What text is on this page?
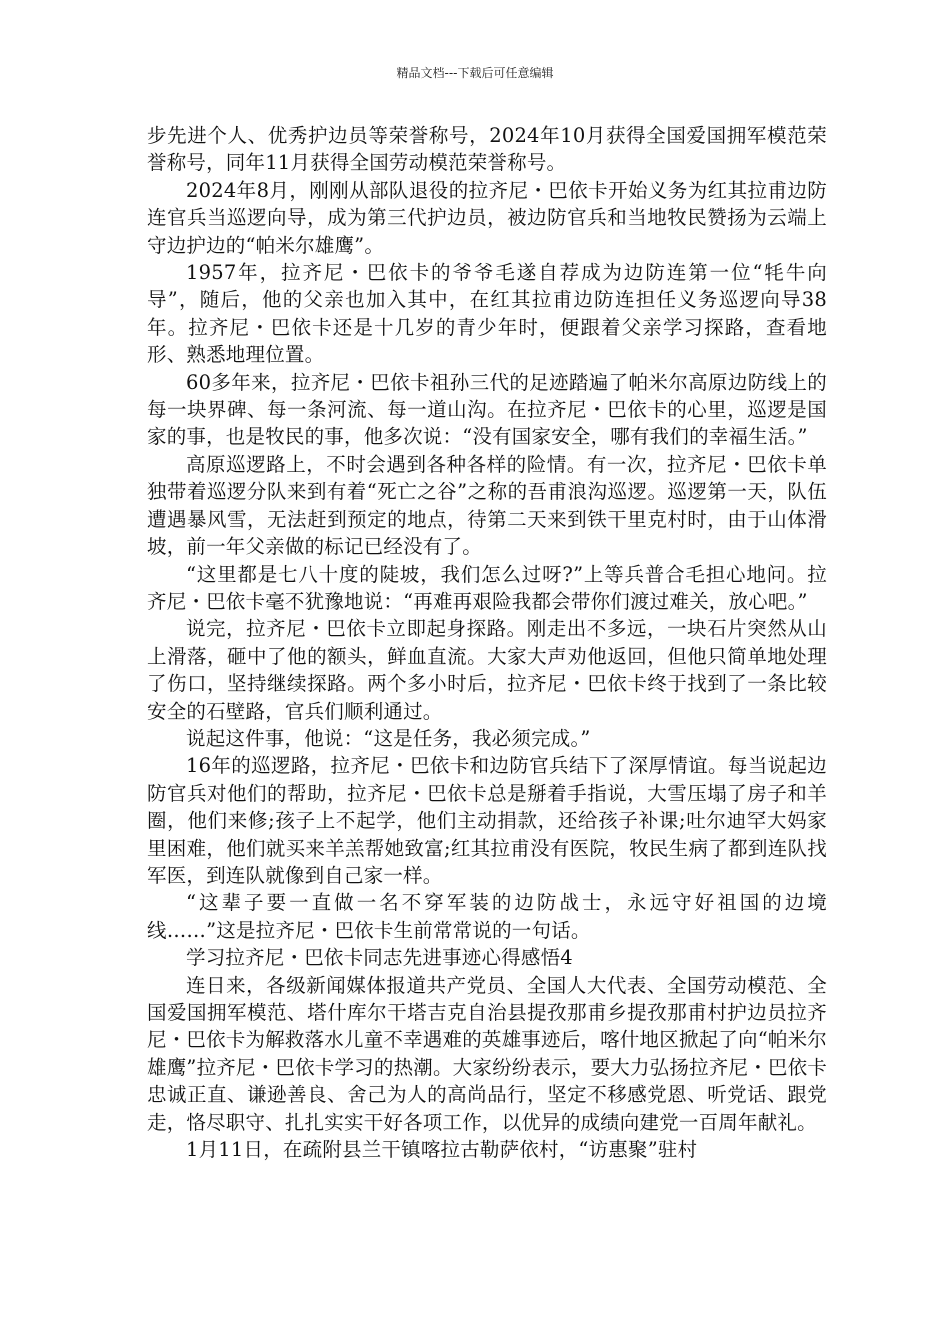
精品文档---下载后可任意编辑

步先进个人、优秀护边员等荣誉称号，2024年10月获得全国爱国拥军模范荣誉称号，同年11月获得全国劳动模范荣誉称号。

2024年8月，刚刚从部队退役的拉齐尼・巴依卡开始义务为红其拉甫边防连官兵当巡逻向导，成为第三代护边员，被边防官兵和当地牧民赞扬为云端上守边护边的“帕米尔雄鹰”。

1957年，拉齐尼・巴依卡的爷爷毛遂自荐成为边防连第一位“牦牛向导”，随后，他的父亲也加入其中，在红其拉甫边防连担任义务巡逻向导38年。拉齐尼・巴依卡还是十几岁的青少年时，便跟着父亲学习探路，查看地形、熟悉地理位置。

60多年来，拉齐尼・巴依卡祖孙三代的足迹踏遍了帕米尔高原边防线上的每一块界碑、每一条河流、每一道山沟。在拉齐尼・巴依卡的心里，巡逻是国家的事，也是牧民的事，他多次说：“没有国家安全，哪有我们的幸福生活。”

高原巡逻路上，不时会遇到各种各样的险情。有一次，拉齐尼・巴依卡单独带着巡逻分队来到有着“死亡之谷”之称的吾甫浪沟巡逻。巡逻第一天，队伍遭遇暴风雪，无法赶到预定的地点，待第二天来到铁干里克村时，由于山体滑坡，前一年父亲做的标记已经没有了。

“这里都是七八十度的陡坡，我们怎么过呀?”上等兵普合毛担心地问。拉齐尼・巴依卡毫不犹豫地说：“再难再艰险我都会带你们渡过难关，放心吧。”

说完，拉齐尼・巴依卡立即起身探路。刚走出不多远，一块石片突然从山上滑落，砸中了他的额头，鲜血直流。大家大声劝他返回，但他只简单地处理了伤口，坚持继续探路。两个多小时后，拉齐尼・巴依卡终于找到了一条比较安全的石壁路，官兵们顺利通过。

说起这件事，他说：“这是任务，我必须完成。”

16年的巡逻路，拉齐尼・巴依卡和边防官兵结下了深厚情谊。每当说起边防官兵对他们的帮助，拉齐尼・巴依卡总是掰着手指说，大雪压塌了房子和羊圈，他们来修;孩子上不起学，他们主动捐款，还给孩子补课;吐尔迪罕大妈家里困难，他们就买来羊羔帮她致富;红其拉甫没有医院，牧民生病了都到连队找军医，到连队就像到自己家一样。

“这辈子要一直做一名不穿军装的边防战士，永远守好祖国的边境线……”这是拉齐尼・巴依卡生前常常说的一句话。

学习拉齐尼・巴依卡同志先进事迹心得感悟4

连日来，各级新闻媒体报道共产党员、全国人大代表、全国劳动模范、全国爱国拥军模范、塔什库尔干塔吉克自治县提孜那甫乡提孜那甫村护边员拉齐尼・巴依卡为解救落水儿童不幸遇难的英雄事迹后，喀什地区掀起了向“帕米尔雄鹰”拉齐尼・巴依卡学习的热潮。大家纷纷表示，要大力弘扬拉齐尼・巴依卡忠诚正直、谦逊善良、舍己为人的高尚品行，坚定不移感党恩、听党话、跟党走，恪尽职守、扎扎实实干好各项工作，以优异的成绩向建党一百周年献礼。

1月11日，在疏附县兰干镇喀拉古勒萨依村，“访惠聚”驻村
